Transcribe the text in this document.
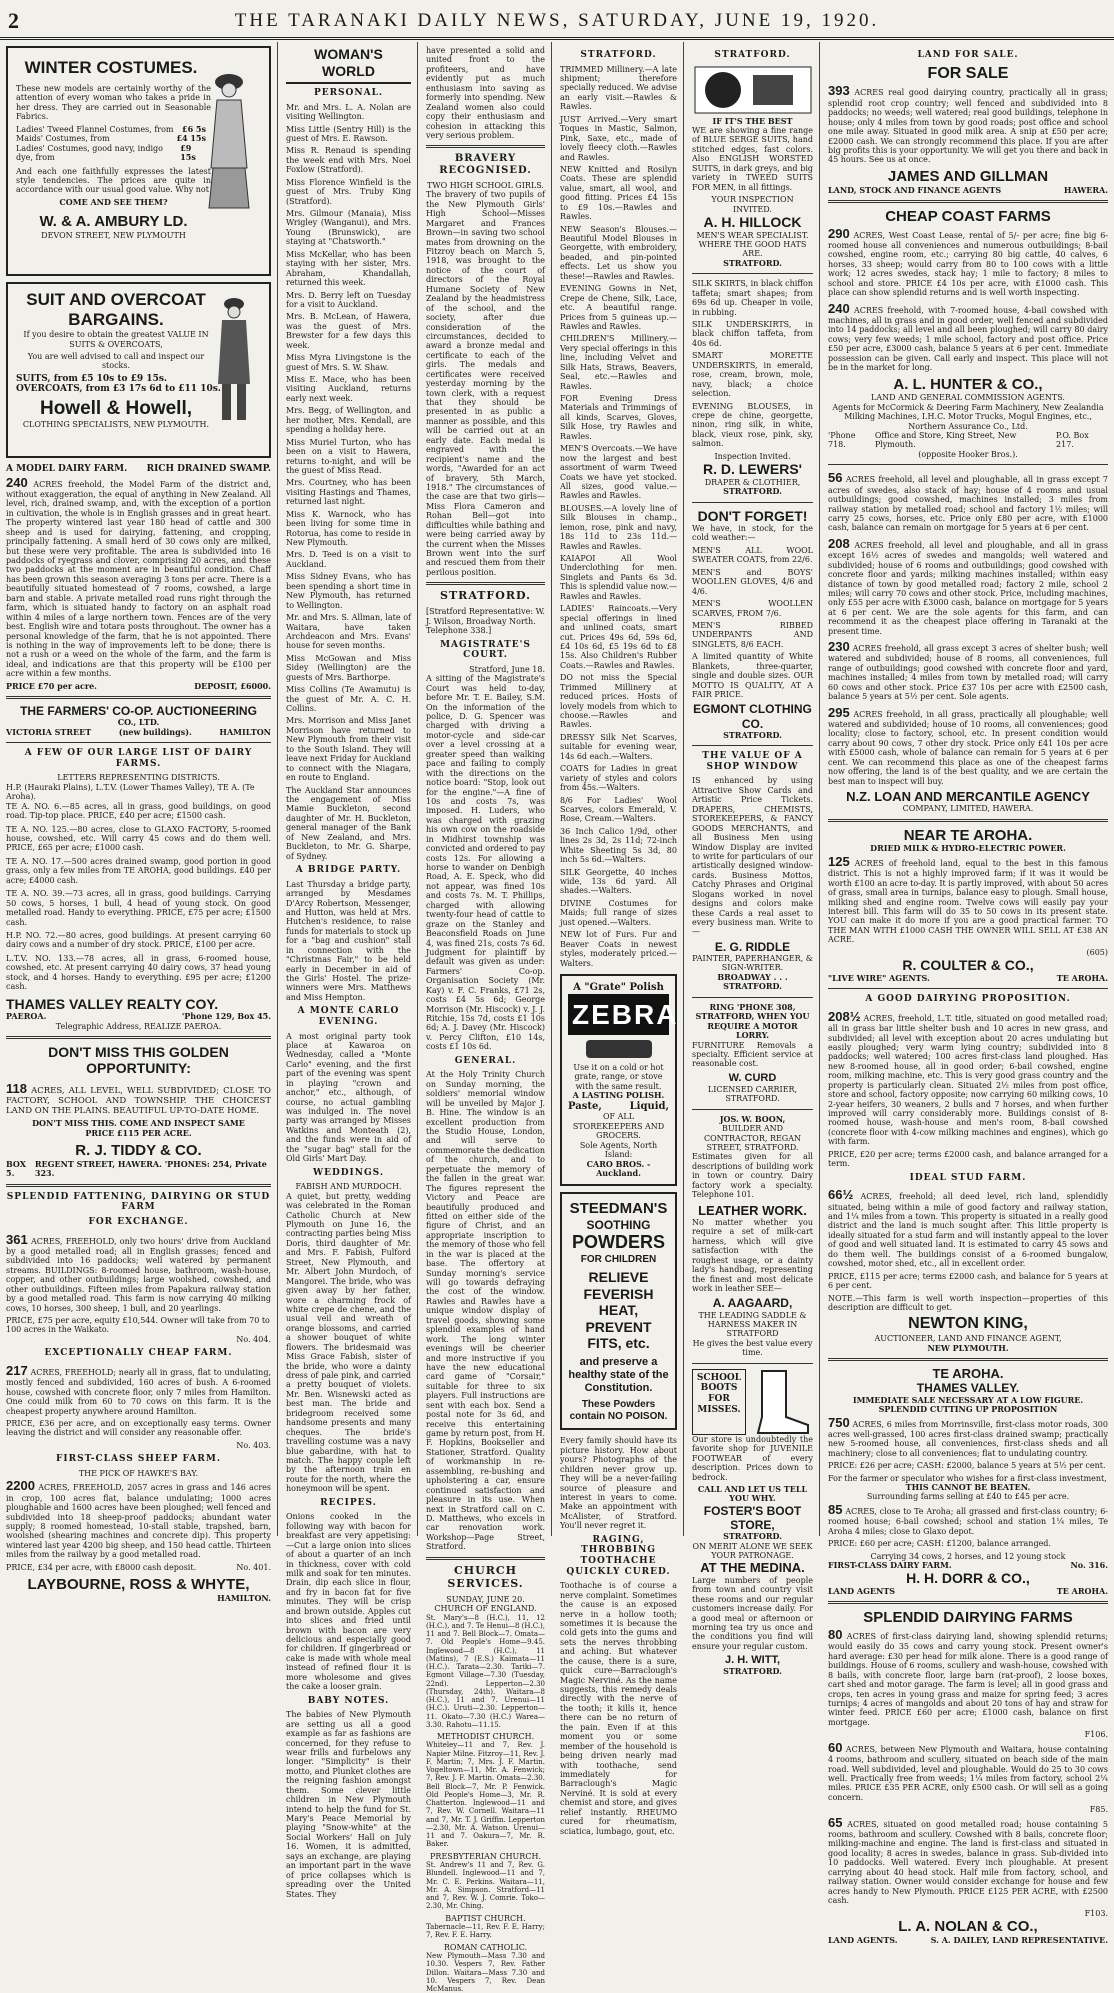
2	THE TARANAKI DAILY NEWS, SATURDAY, JUNE 19, 1920.
WINTER COSTUMES.

These new models are certainly worthy of the attention of every woman who takes a pride in her dress. They are carried out in Seasonable Fabrics.

Ladies' Tweed Flannel Costumes, from £6 5s
Maids' Costumes, from	£4 15s
Ladies' Costumes, good navy, indigo dye, from
£9 15s

And each one faithfully expresses the latest style tendencies. The prices are quite in accordance with our usual good value. Why not

COME AND SEE THEM?
W. & A. AMBURY LD.
DEVON STREET, NEW PLYMOUTH
SUIT AND OVERCOAT
BARGAINS.

If you desire to obtain the greatest VALUE IN SUITS & OVERCOATS,

You are well advised to call and inspect our stocks.

SUITS, from £5 10s to £9 15s.
OVERCOATS, from £3 17s 6d to £11 10s.
Howell & Howell,
CLOTHING SPECIALISTS, NEW PLYMOUTH.
A MODEL DAIRY FARM. RICH DRAINED SWAMP.

240 ACRES freehold, the Model Farm of the district and, without exaggeration, the equal of anything in New Zealand. All level, rich, drained swamp, and, with the exception of a portion in cultivation, the whole is in English grasses and in great heart. The property wintered last year 180 head of cattle and 300 sheep and is used for dairying, fattening, and cropping, principally fattening. A small herd of 30 cows only are milked, but these were very profitable. The area is subdivided into 16 paddocks of ryegrass and clover, comprising 20 acres, and these two paddocks at the moment are in beautiful condition. Chaff has been grown this season averaging 3 tons per acre. There is a beautifully situated homestead of 7 rooms, cowshed, a large barn and stable. A private metalled road runs right through the farm, which is situated handy to factory on an asphalt road within 4 miles of a large northern town. Fences are of the very best. English wire and totara posts throughout. The owner has a personal knowledge of the farm, that he is not appointed. There is nothing in the way of improvements left to be done; there is not a rush or a weed on the whole of the farm, and the farm is ideal, and indications are that this property will be £100 per acre within a few months.

PRICE £70 per acre.	DEPOSIT, £6000.
THE FARMERS' CO-OP. AUCTIONEERING
CO., LTD.
VICTORIA STREET	(new buildings).	HAMILTON
A FEW OF OUR LARGE LIST OF DAIRY FARMS.
LETTERS REPRESENTING DISTRICTS.
H.P. (Hauraki Plains), L.T.V. (Lower Thames Valley), TE A. (Te Aroha).
TE A. NO. 6.—85 acres, all in grass, good buildings, on good road. Tip-top place. PRICE, £40 per acre; £1500 cash.
TE A. NO. 125.—80 acres, close to GLAXO FACTORY, 5-roomed house, cowshed, etc. Will carry 45 cows and do them well. PRICE, £65 per acre; £1000 cash.
TE A. NO. 17.—500 acres drained swamp, good portion in good grass, only a few miles from TE AROHA, good buildings. £40 per acre; £4000 cash.
TE A. NO. 39.—73 acres, all in grass, good buildings. Carrying 50 cows, 5 horses, 1 bull, 4 head of young stock. On good metalled road. Handy to everything. PRICE, £75 per acre; £1500 cash.
H.P. NO. 72.—80 acres, good buildings. At present carrying 60 dairy cows and a number of dry stock. PRICE, £100 per acre.
L.T.V. NO. 133.—78 acres, all in grass, 6-roomed house, cowshed, etc. At present carrying 40 dairy cows, 37 head young stock, and 4 horses. Handy to everything. £95 per acre; £1200 cash.
THAMES VALLEY REALTY COY.
PAEROA.	'Phone 129, Box 45.
Telegraphic Address, REALIZE PAEROA.
DON'T MISS THIS GOLDEN
OPPORTUNITY:

118 ACRES, ALL LEVEL, WELL SUBDIVIDED; CLOSE TO FACTORY, SCHOOL AND TOWNSHIP. THE CHOICEST LAND ON THE PLAINS. BEAUTIFUL UP-TO-DATE HOME.

DON'T MISS THIS. COME AND INSPECT SAME
PRICE £115 PER ACRE.
R. J. TIDDY & CO.
BOX 5.
REGENT STREET, HAWERA. 'PHONES: 254, Private 323.
SPLENDID FATTENING, DAIRYING OR STUD FARM
FOR EXCHANGE.

361 ACRES, FREEHOLD, only two hours' drive from Auckland by a good metalled road; all in English grasses; fenced and subdivided into 16 paddocks; well watered by permanent streams. BUILDINGS: 8-roomed house, bathroom, wash-house, copper, and other outbuildings; large woolshed, cowshed, and other outbuildings. Fifteen miles from Papakura railway station by a good metalled road. This farm is now carrying 40 milking cows, 10 horses, 300 sheep, 1 bull, and 20 yearlings.

PRICE, £75 per acre, equity £10,544. Owner will take from 70 to 100 acres in the Waikato.
No. 404.
EXCEPTIONALLY CHEAP FARM.

217 ACRES, FREEHOLD; nearly all in grass, flat to undulating, mostly fenced and subdivided, 160 acres of bush. A 6-roomed house, cowshed with concrete floor, only 7 miles from Hamilton. One could milk from 60 to 70 cows on this farm. It is the cheapest property anywhere around Hamilton.

PRICE, £36 per acre, and on exceptionally easy terms. Owner leaving the district and will consider any reasonable offer.

No. 403.
FIRST-CLASS SHEEP FARM.
THE PICK OF HAWKE'S BAY.

2200 ACRES, FREEHOLD, 2057 acres in grass and 146 acres in crop, 100 acres flat, balance undulating; 1000 acres ploughable and 1600 acres have been ploughed; well fenced and subdivided into 18 sheep-proof paddocks; abundant water supply; 8 roomed homestead, 10-stall stable, trapshed, barn, woolshed (shearing machines and concrete dip). This property wintered last year 4200 big sheep, and 150 head cattle. Thirteen miles from the railway by a good metalled road.

PRICE, £34 per acre, with £8000 cash deposit.	No. 401.
LAYBOURNE, ROSS & WHYTE,
HAMILTON.
WOMAN'S WORLD
PERSONAL.

Mr. and Mrs. L. A. Nolan are visiting Wellington.

Miss Little (Sentry Hill) is the guest of Mrs. E. Rawson.

Miss R. Renaud is spending the week end with Mrs. Noel Foxlow (Stratford).

Miss Florence Winfield is the guest of Mrs. Truby King (Stratford).

Mrs. Gilmour (Manaia), Miss Wrigley (Wanganui), and Mrs. Young (Brunswick), are staying at "Chatsworth."

Miss McKellar, who has been staying with her sister, Mrs. Abraham, Khandallah, returned this week.

Mrs. D. Berry left on Tuesday for a visit to Auckland.

Mrs. B. McLean, of Hawera, was the guest of Mrs. Brewster for a few days this week.

Miss Myra Livingstone is the guest of Mrs. S. W. Shaw.

Miss E. Mace, who has been visiting Auckland, returns early next week.

Mrs. Begg, of Wellington, and her mother, Mrs. Kendall, are spending a holiday here.

Miss Muriel Turton, who has been on a visit to Hawera, returns to-night, and will be the guest of Miss Read.

Mrs. Courtney, who has been visiting Hastings and Thames, returned last night.

Miss K. Warnock, who has been living for some time in Rotorua, has come to reside in New Plymouth.

Mrs. D. Teed is on a visit to Auckland.

Miss Sidney Evans, who has been spending a short time in New Plymouth, has returned to Wellington.

Mr. and Mrs. S. Allman, late of Waitara, have taken Archdeacon and Mrs. Evans' house for seven months.

Miss McGowan and Miss Sidey (Wellington) are the guests of Mrs. Barthorpe.

Miss Collins (Te Awamutu) is the guest of Mr. A. C. H. Collins.

Mrs. Morrison and Miss Janet Morrison have returned to New Plymouth from their visit to the South Island. They will leave next Friday for Auckland to connect with the Niagara, en route to England.

The Auckland Star announces the engagement of Miss Mamie Buckleton, second daughter of Mr. H. Buckleton, general manager of the Bank of New Zealand, and Mrs. Buckleton, to Mr. G. Sharpe, of Sydney.

A BRIDGE PARTY.

Last Thursday a bridge party, arranged by Mesdames D'Arcy Robertson, Messenger, and Hutton, was held at Mrs. Hutchen's residence, to raise funds for materials to stock up for a "bag and cushion" stall in connection with the "Christmas Fair," to be held early in December in aid of the Girls' Hostel. The prize-winners were Mrs. Matthews and Miss Hempton.

A MONTE CARLO EVENING.

A most original party took place at Kawaroa on Wednesday, called a "Monte Carlo" evening, and the first part of the evening was spent in playing "crown and anchor," etc., although, of course, no actual gambling was indulged in. The novel party was arranged by Misses Watkins and Monteath (2), and the funds were in aid of the "sugar bag" stall for the Old Girls' Mart Day.

WEDDINGS.
FABISH AND MURDOCH.

A quiet, but pretty, wedding was celebrated in the Roman Catholic Church at New Plymouth on June 16, the contracting parties being Miss Doris, third daughter of Mr. and Mrs. F. Fabish, Fulford Street, New Plymouth, and Mr. Albert John Murdoch, of Mangorei. The bride, who was given away by her father, wore a charming frock of white crepe de chene, and the usual veil and wreath of orange blossoms, and carried a shower bouquet of white flowers. The bridesmaid was Miss Grace Fabish, sister of the bride, who wore a dainty dress of pale pink, and carried a pretty bouquet of violets. Mr. Ben. Wisnewski acted as best man. The bride and bridegroom received some handsome presents and many cheques. The bride's travelling costume was a navy blue gabardine, with hat to match. The happy couple left by the afternoon train en route for the north, where the honeymoon will be spent.

RECIPES.

Onions cooked in the following way with bacon for breakfast are very appetising:—Cut a large onion into slices of about a quarter of an inch in thickness, cover with cold milk and soak for ten minutes. Drain, dip each slice in flour, and fry in bacon fat for five minutes. They will be crisp and brown outside. Apples cut into slices and fried until brown with bacon are very delicious and especially good for children. If gingerbread or cake is made with whole meal instead of refined flour it is more wholesome and gives the cake a looser grain.

BABY NOTES.

The babies of New Plymouth are setting us all a good example as far as fashions are concerned, for they refuse to wear frills and furbelows any longer. "Simplicity" is their motto, and Plunket clothes are the reigning fashion amongst them. Some clever little children in New Plymouth intend to help the fund for St. Mary's Peace Memorial by playing "Snow-white" at the Social Workers' Hall on July 16. Women, it is admitted, says an exchange, are playing an important part in the wave of price collapses which is spreading over the United States. They

have presented a solid and united front to the profiteers, and have evidently put as much enthusiasm into saving as formerly into spending. New Zealand women also could copy their enthusiasm and cohesion in attacking this very serious problem.

BRAVERY RECOGNISED.
TWO HIGH SCHOOL GIRLS.

The bravery of two pupils of the New Plymouth Girls' High School—Misses Margaret and Frances Brown—in saving two school mates from drowning on the Fitzroy beach on March 5, 1918, was brought to the notice of the court of directors of the Royal Humane Society of New Zealand by the headmistress of the school, and the society, after due consideration of the circumstances, decided to award a bronze medal and certificate to each of the girls. The medals and certificates were received yesterday morning by the town clerk, with a request that they should be presented in as public a manner as possible, and this will be carried out at an early date. Each medal is engraved with the recipient's name and the words, "Awarded for an act of bravery, 5th March, 1918." The circumstances of the case are that two girls—Miss Flora Cameron and Rohan Bell—got into difficulties while bathing and were being carried away by the current when the Misses Brown went into the surf and rescued them from their perilous position.

STRATFORD.
[Stratford Representative: W. J. Wilson, Broadway North. Telephone 338.]
MAGISTRATE'S COURT.
Stratford, June 18.

A sitting of the Magistrate's Court was held to-day, before Mr. T. E. Bailey, S.M. On the information of the police, D. G. Spencer was charged with driving a motor-cycle and side-car over a level crossing at a greater speed than walking pace and failing to comply with the directions on the notice board: "Stop, look out for the engine."—A fine of 10s and costs 7s, was imposed. H. Luders, who was charged with grazing his own cow on the roadside in Midhirst township was convicted and ordered to pay costs 12s. For allowing a horse to wander on Denbigh Road, A. E. Speck, who did not appear, was fined 10s and costs 7s. M. T. Phillips, charged with allowing twenty-four head of cattle to graze on the Stanley and Beaconsfield Roads on June 4, was fined 21s, costs 7s 6d. Judgment for plaintiff by default was given as under: Farmers' Co-op. Organisation Society (Mr. Kay) v. F. C. Franks, £71 2s, costs £4 5s 6d; George Morrison (Mr. Hiscock) v. J. J. Ritchie, 15s 7d, costs £1 10s 6d; A. J. Davey (Mr. Hiscock) v. Percy Clifton, £10 14s, costs £1 10s 6d.

GENERAL.

At the Holy Trinity Church on Sunday morning, the soldiers' memorial window will be unveiled by Major J. B. Hine. The window is an excellent production from the Studio House, London, and will serve to commemorate the dedication of the church, and to perpetuate the memory of the fallen in the great war. The figures represent the Victory and Peace are beautifully produced and fitted on either side of the figure of Christ, and an appropriate inscription to the memory of those who fell in the war is placed at the base. The offertory at Sunday morning's service will go towards defraying the cost of the window. Rawles and Rawles have a unique window display of travel goods, showing some splendid examples of hand work. The long winter evenings will be cheerier and more instructive if you have the new educational card game of "Corsair," suitable for three to six players. Full instructions are sent with each box. Send a postal note for 3s 6d, and receive this entertaining game by return post, from H. F. Hopkins, Bookseller and Stationer, Stratford. Quality of workmanship in re-assembling, re-bushing and upholstering a car, ensure continued satisfaction and pleasure in its use. When next in Stratford call on C. D. Matthews, who excels in car renovation work. Workshop—Page Street, Stratford.

CHURCH SERVICES.
SUNDAY, JUNE 20.
CHURCH OF ENGLAND.

St. Mary's—8 (H.C.), 11, 12 (H.C.), and 7. Te Henui—8 (H.C.), 11 and 7. Bell Block—7. Omata—7. Old People's Home—9.45. Inglewood—8 (H.C.), 11 (Matins), 7 (E.S.) Kaimata—11 (H.C.). Tarata—2.30. Tariki—7. Egmont Village—7.30 (Tuesday, 22nd). Lepperton—2.30 (Thursday, 24th). Waitara—8 (H.C.), 11 and 7. Urenui—11 (H.C.). Uruti—2.30. Lepperton—11. Okato—7.30 (H.C.) Warea—3.30. Rahotu—11.15.

METHODIST CHURCH.

Whiteley—11 and 7, Rev. J. Napier Milne. Fitzroy—11, Rev. J. F. Martin; 7, Mrs. J. F. Martin. Vogeltown—11, Mr. A. Fenwick; 7, Rev. J. F. Martin. Omata—2.30. Bell Block—7, Mr. P. Fenwick. Old People's Home—3, Mr. R. Chatterton. Inglewood—11 and 7, Rev. W. Cornell. Waitara—11 and 7, Mr. T. J. Griffin. Lepperton—2.30, Mr. A. Watson. Urenui—11 and 7. Oakura—7, Mr. R. Baker.

PRESBYTERIAN CHURCH.

St. Andrew's 11 and 7, Rev. G. Blundell. Inglewood—11 and 7, Mr. C. E. Perkins. Waitara—11, Mr. A. Simpson. Stratford—11 and 7, Rev. W. J. Comrie. Toko—2.30, Mr. Ching.

BAPTIST CHURCH.

Tabernacle—11, Rev. F. E. Harry; 7, Rev. F. E. Harry.

ROMAN CATHOLIC.

New Plymouth—Mass 7.30 and 10.30. Vespers 7, Rev. Father Dillon. Waitara—Mass 7.30 and 10. Vespers 7, Rev. Dean McManus.

STRATFORD.

TRIMMED Millinery.—A late shipment; therefore specially reduced. We advise an early visit.—Rawles & Rawles.

JUST Arrived.—Very smart Toques in Mastic, Salmon, Pink, Saxe, etc., made of lovely fleecy cloth.—Rawles and Rawles.

NEW Knitted and Rosilyn Coats. These are splendid value, smart, all wool, and good fitting. Prices £4 15s to £9 10s.—Rawles and Rawles.

NEW Season's Blouses.—Beautiful Model Blouses in Georgette, with embroidery, beaded, and pin-pointed effects. Let us show you these!—Rawles and Rawles.

EVENING Gowns in Net, Crepe de Chene, Silk, Lace, etc. A beautiful range. Prices from 5 guineas up.—Rawles and Rawles.

CHILDREN'S Millinery.—Very special offerings in this line, including Velvet and Silk Hats, Straws, Beavers, Seal, etc.—Rawles and Rawles.

FOR Evening Dress Materials and Trimmings of all kinds, Scarves, Gloves, Silk Hose, try Rawles and Rawles.

MEN'S Overcoats.—We have now the largest and best assortment of warm Tweed Coats we have yet stocked. All sizes, good value.—Rawles and Rawles.

BLOUSES.—A lovely line of Silk Blouses in champ., lemon, rose, pink and navy, 18s 11d to 23s 11d.—Rawles and Rawles.

KAIAPOI All Wool Underclothing for men. Singlets and Pants 6s 3d. This is splendid value now.—Rawles and Rawles.

LADIES' Raincoats.—Very special offerings in lined and unlined coats, smart cut. Prices 49s 6d, 59s 6d, £4 10s 6d, £5 19s 6d to £8 15s. Also Children's Rubber Coats.—Rawles and Rawles.

DO not miss the Special Trimmed Millinery at reduced prices. Hosts of lovely models from which to choose.—Rawles and Rawles.

DRESSY Silk Net Scarves, suitable for evening wear, 14s 6d each.—Walters.

COATS for Ladies in great variety of styles and colors from 45s.—Walters.

8/6 For Ladies' Wool Scarves, colors Emerald, V. Rose, Cream.—Walters.

36 Inch Calico 1/9d, other lines 2s 3d, 2s 11d; 72-inch White Sheeting 5s 3d, 80 inch 5s 6d.—Walters.

SILK Georgette, 40 inches wide, 13s 6d yard. All shades.—Walters.

DIVINE Costumes for Maids; full range of sizes just opened.—Walters.

NEW lot of Furs. Fur and Beaver Coats in newest styles, moderately priced.—Walters.

A "Grate" Polish
ZEBRA
Use it on a cold or hot grate, range, or stove with the same result.
A LASTING POLISH.
Paste,	Liquid,
OF ALL STOREKEEPERS AND GROCERS.
Sole Agents, North Island:
CARO BROS. - Auckland.
STEEDMAN'S
SOOTHING
POWDERS
FOR CHILDREN
RELIEVE FEVERISH HEAT, PREVENT FITS, etc.
and preserve a healthy state of the Constitution.
These Powders contain NO POISON.

Every family should have its picture history. How about yours? Photographs of the children never grow up. They will be a never-failing source of pleasure and interest in years to come. Make an appointment with McAlister, of Stratford. You'll never regret it.

RAGING, THROBBING TOOTHACHE QUICKLY CURED.

Toothache is of course a nerve complaint. Sometimes the cause is an exposed nerve in a hollow tooth; sometimes it is because the cold gets into the gums and sets the nerves throbbing and aching. But whatever the cause, there is a sure, quick cure—Barraclough's Magic Nerviné. As the name suggests, this remedy deals directly with the nerve of the tooth; it kills it, hence there can be no return of the pain. Even if at this moment you or some member of the household is being driven nearly mad with toothache, send immediately for Barraclough's Magic Nerviné. It is sold at every chemist and store, and gives relief instantly. RHEUMO cured for rheumatism, sciatica, lumbago, gout, etc.

STRATFORD.
IF IT'S THE BEST

WE are showing a fine range of BLUE SERGE SUITS, hand stitched edges, fast colors. Also ENGLISH WORSTED SUITS, in dark greys, and big variety in TWEED SUITS FOR MEN, in all fittings.

YOUR INSPECTION INVITED.
A. H. HILLOCK
MEN'S WEAR SPECIALIST.
WHERE THE GOOD HATS ARE.
STRATFORD.

SILK SKIRTS, in black chiffon taffeta; smart shapes; from 69s 6d up. Cheaper in voile, in rubbing.

SILK UNDERSKIRTS, in black chiffon taffeta, from 40s 6d.

SMART MORETTE UNDERSKIRTS, in emerald, rose, cream, brown, mole, navy, black; a choice selection.

EVENING BLOUSES, in crepe de chine, georgette, ninon, ring silk, in white, black, vieux rose, pink, sky, salmon.

Inspection Invited.
R. D. LEWERS'
DRAPER & CLOTHIER,
STRATFORD.
DON'T FORGET!

We have, in stock, for the cold weather:—

MEN'S ALL WOOL SWEATER COATS, from 22/6.

MEN'S and BOYS' WOOLLEN GLOVES, 4/6 and 4/6.

MEN'S WOOLLEN SCARVES, FROM 7/6.

MEN'S RIBBED UNDERPANTS AND SINGLETS, 8/6 EACH.

A limited quantity of White Blankets, three-quarter, single and double sizes. OUR MOTTO IS QUALITY, AT A FAIR PRICE.

EGMONT CLOTHING CO.
STRATFORD.
THE VALUE OF A SHOP WINDOW

IS enhanced by using Attractive Show Cards and Artistic Price Tickets. DRAPERS, CHEMISTS, STOREKEEPERS, & FANCY GOODS MERCHANTS, and all Business Men using Window Display are invited to write for particulars of our artistically designed window-cards. Business Mottos, Catchy Phrases and Original Slogans worked in novel designs and colors make these Cards a real asset to every business man. Write to—

E. G. RIDDLE
PAINTER, PAPERHANGER, & SIGN-WRITER.
BROADWAY . . . STRATFORD.
RING 'PHONE 308, STRATFORD, WHEN YOU REQUIRE A MOTOR LORRY.

FURNITURE Removals a specialty. Efficient service at reasonable cost.

W. CURD
LICENSED CARRIER, STRATFORD.
JOS. W. BOON,
BUILDER AND CONTRACTOR, REGAN STREET, STRATFORD.

Estimates given for all descriptions of building work in town or country. Dairy factory work a specialty. Telephone 101.

LEATHER WORK.

No matter whether you require a set of milk-cart harness, which will give satisfaction with the roughest usage, or a dainty lady's handbag, representing the finest and most delicate work in leather SEE—

A. AAGAARD,
THE LEADING SADDLE & HARNESS MAKER IN STRATFORD
He gives the best value every time.
SCHOOL BOOTS FOR MISSES.

Our store is undoubtedly the favorite shop for JUVENILE FOOTWEAR of every description. Prices down to bedrock.

CALL AND LET US TELL YOU WHY.
FOSTER'S BOOT STORE,
STRATFORD.
ON MERIT ALONE WE SEEK YOUR PATRONAGE.
AT THE MEDINA.

Large numbers of people from town and country visit these rooms and our regular customers increase daily. For a good meal or afternoon or morning tea try us once and the conditions you find will ensure your regular custom.

J. H. WITT,
STRATFORD.
LAND FOR SALE.
FOR SALE

393 ACRES real good dairying country, practically all in grass; splendid root crop country; well fenced and subdivided into 8 paddocks; no weeds; well watered; real good buildings, telephone in house; only 4 miles from town by good roads; post office and school one mile away. Situated in good milk area. A snip at £50 per acre; £2000 cash. We can strongly recommend this place. If you are after big profits this is your opportunity. We will get you there and back in 45 hours. See us at once.

JAMES AND GILLMAN
LAND, STOCK AND FINANCE AGENTS	HAWERA.
CHEAP COAST FARMS

290 ACRES, West Coast Lease, rental of 5/- per acre; fine big 6-roomed house all conveniences and numerous outbuildings; 8-bail cowshed, engine room, etc.; carrying 80 big cattle, 40 calves, 6 horses, 33 sheep; would carry from 80 to 100 cows with a little work; 12 acres swedes, stack hay; 1 mile to factory; 8 miles to school and store. PRICE £4 10s per acre, with £1000 cash. This place can show splendid returns and is well worth inspecting.

240 ACRES freehold, with 7-roomed house, 4-bail cowshed with machines, all in grass and in good order, well fenced and subdivided into 14 paddocks; all level and all been ploughed; will carry 80 dairy cows; very few weeds; 1 mile school, factory and post office. Price £50 per acre, £3000 cash, balance 5 years at 6 per cent. Immediate possession can be given. Call early and inspect. This place will not be in the market for long.

A. L. HUNTER & CO.,
LAND AND GENERAL COMMISSION AGENTS.
Agents for McCormick & Deering Farm Machinery, New Zealandia Milking Machines, I.H.C. Motor Trucks, Mogul Engines, etc., Northern Assurance Co., Ltd.
'Phone 718.
Office and Store, King Street, New Plymouth.
P.O. Box 217.
(opposite Hooker Bros.).

56 ACRES freehold, all level and ploughable, all in grass except 7 acres of swedes, also stack of hay; house of 4 rooms and usual outbuildings; good cowshed, machines installed; 3 miles from railway station by metalled road; school and factory 1½ miles; will carry 25 cows, horses, etc. Price only £80 per acre, with £1000 cash, balance can remain on mortgage for 5 years at 6 per cent.

208 ACRES freehold, all level and ploughable, and all in grass except 16½ acres of swedes and mangolds; well watered and subdivided; house of 6 rooms and outbuildings; good cowshed with concrete floor and yards; milking machines installed; within easy distance of town by good metalled road; factory 2 mile, school 2 miles; will carry 70 cows and other stock. Price, including machines, only £55 per acre with £3000 cash, balance on mortgage for 5 years at 6 per cent. We are the sole agents for this farm, and can recommend it as the cheapest place offering in Taranaki at the present time.

230 ACRES freehold, all grass except 3 acres of shelter bush; well watered and subdivided; house of 8 rooms, all conveniences, full range of outbuildings; good cowshed with concrete floor and yard, machines installed; 4 miles from town by metalled road; will carry 60 cows and other stock. Price £37 10s per acre with £2500 cash, balance 5 years at 5½ per cent. Sole agents.

295 ACRES freehold, in all grass, practically all ploughable; well watered and subdivided; house of 10 rooms, all conveniences; good locality; close to factory, school, etc. In present condition would carry about 90 cows, 7 other dry stock. Price only £41 10s per acre with £5000 cash, whole of balance can remain for 5 years at 6 per cent. We can recommend this place as one of the cheapest farms now offering, the land is of the best quality, and we are certain the best man to inspect will buy.

N.Z. LOAN AND MERCANTILE AGENCY
COMPANY, LIMITED, HAWERA.
NEAR TE AROHA.
DRIED MILK & HYDRO-ELECTRIC POWER.

125 ACRES of freehold land, equal to the best in this famous district. This is not a highly improved farm; if it was it would be worth £100 an acre to-day. It is partly improved, with about 50 acres of grass, small area in turnips, balance easy to plough. Small house, milking shed and engine room. Twelve cows will easily pay your interest bill. This farm will do 35 to 50 cows in its present state. YOU can make it do more if you are a good practical farmer. TO THE MAN WITH £1000 CASH THE OWNER WILL SELL AT £38 AN ACRE.

(605)
R. COULTER & CO.,
"LIVE WIRE" AGENTS.	TE AROHA.
A GOOD DAIRYING PROPOSITION.

208½ ACRES, freehold, L.T. title, situated on good metalled road; all in grass bar little shelter bush and 10 acres in new grass, and subdivided; all level with exception about 20 acres undulating but easily ploughed; very warm lying country; subdivided into 8 paddocks; well watered; 100 acres first-class land ploughed. Has new 8-roomed house, all in good order; 6-bail cowshed, engine room, milking machine, etc. This is very good grass country and the property is particularly clean. Situated 2½ miles from post office, store and school, factory opposite; now carrying 60 milking cows, 10 2-year heifers, 30 weaners, 2 bulls and 7 horses, and when further improved will carry considerably more. Buildings consist of 8-roomed house, wash-house and men's room, 8-bail cowshed (concrete floor with 4-cow milking machines and engines), which go with farm.

PRICE, £20 per acre; terms £2000 cash, and balance arranged for a term.

IDEAL STUD FARM.

66½ ACRES, freehold; all deed level, rich land, splendidly situated, being within a mile of good factory and railway station, and 1¼ miles from a town. This property is situated in a really good district and the land is much sought after. This little property is ideally situated for a stud farm and will instantly appeal to the lover of good and well situated land. It is estimated to carry 45 sows and do them well. The buildings consist of a 6-roomed bungalow, cowshed, motor shed, etc., all in excellent order.

PRICE, £115 per acre; terms £2000 cash, and balance for 5 years at 6 per cent.

NOTE.—This farm is well worth inspection—properties of this description are difficult to get.

NEWTON KING,
AUCTIONEER, LAND AND FINANCE AGENT,
NEW PLYMOUTH.
TE AROHA.
THAMES VALLEY.
IMMEDIATE SALE NECESSARY AT A LOW FIGURE.
SPLENDID CUTTING UP PROPOSITION

750 ACRES, 6 miles from Morrinsville, first-class motor roads, 300 acres well-grassed, 100 acres first-class drained swamp; practically new 5-roomed house, all conveniences, first-class sheds and all machinery; close to all conveniences; flat to undulating country.

PRICE: £26 per acre; CASH: £2000, balance 5 years at 5½ per cent.

For the farmer or speculator who wishes for a first-class investment,
THIS CANNOT BE BEATEN.
Surrounding farms selling at £40 to £45 per acre.

85 ACRES, close to Te Aroha; all grassed and first-class country; 6-roomed house; 6-bail cowshed; school and station 1¼ miles, Te Aroha 4 miles; close to Glaxo depot.

PRICE: £60 per acre; CASH: £1200, balance arranged.

Carrying 34 cows, 2 horses, and 12 young stock
FIRST-CLASS DAIRY FARM.	No. 316.
H. H. DORR & CO.,
LAND AGENTS	TE AROHA.
SPLENDID DAIRYING FARMS

80 ACRES of first-class dairying land, showing splendid returns; would easily do 35 cows and carry young stock. Present owner's hard average: £30 per head for milk alone. There is a good range of buildings. House of 6 rooms, scullery and wash-house, cowshed with 8 bails, with concrete floor, large barn (rat-proof), 2 loose boxes, cart shed and motor garage. The farm is level; all in good grass and crops, ten acres in young grass and maize for spring feed; 3 acres turnips; 4 acres of mangolds and about 20 tons of hay and straw for winter feed. PRICE £60 per acre; £1000 cash, balance on first mortgage.

F106.

60 ACRES, between New Plymouth and Waitara, house containing 4 rooms, bathroom and scullery, situated on beach side of the main road. Well subdivided, level and ploughable. Would do 25 to 30 cows well. Practically free from weeds; 1¼ miles from factory, school 2¼ miles. PRICE £35 PER ACRE, only £500 cash. Or will sell as a going concern.

F85.

65 ACRES, situated on good metalled road; house containing 5 rooms, bathroom and scullery. Cowshed with 8 bails, concrete floor; milking-machine and engine. The land is first-class and situated in good locality; 8 acres in swedes, balance in grass. Sub-divided into 10 paddocks. Well watered. Every inch ploughable. At present carrying about 40 head stock. Half mile from factory, school, and railway station. Owner would consider exchange for house and few acres handy to New Plymouth. PRICE £125 PER ACRE, with £2500 cash.

F103.
L. A. NOLAN & CO.,
LAND AGENTS.	S. A. DAILEY, LAND REPRESENTATIVE.
